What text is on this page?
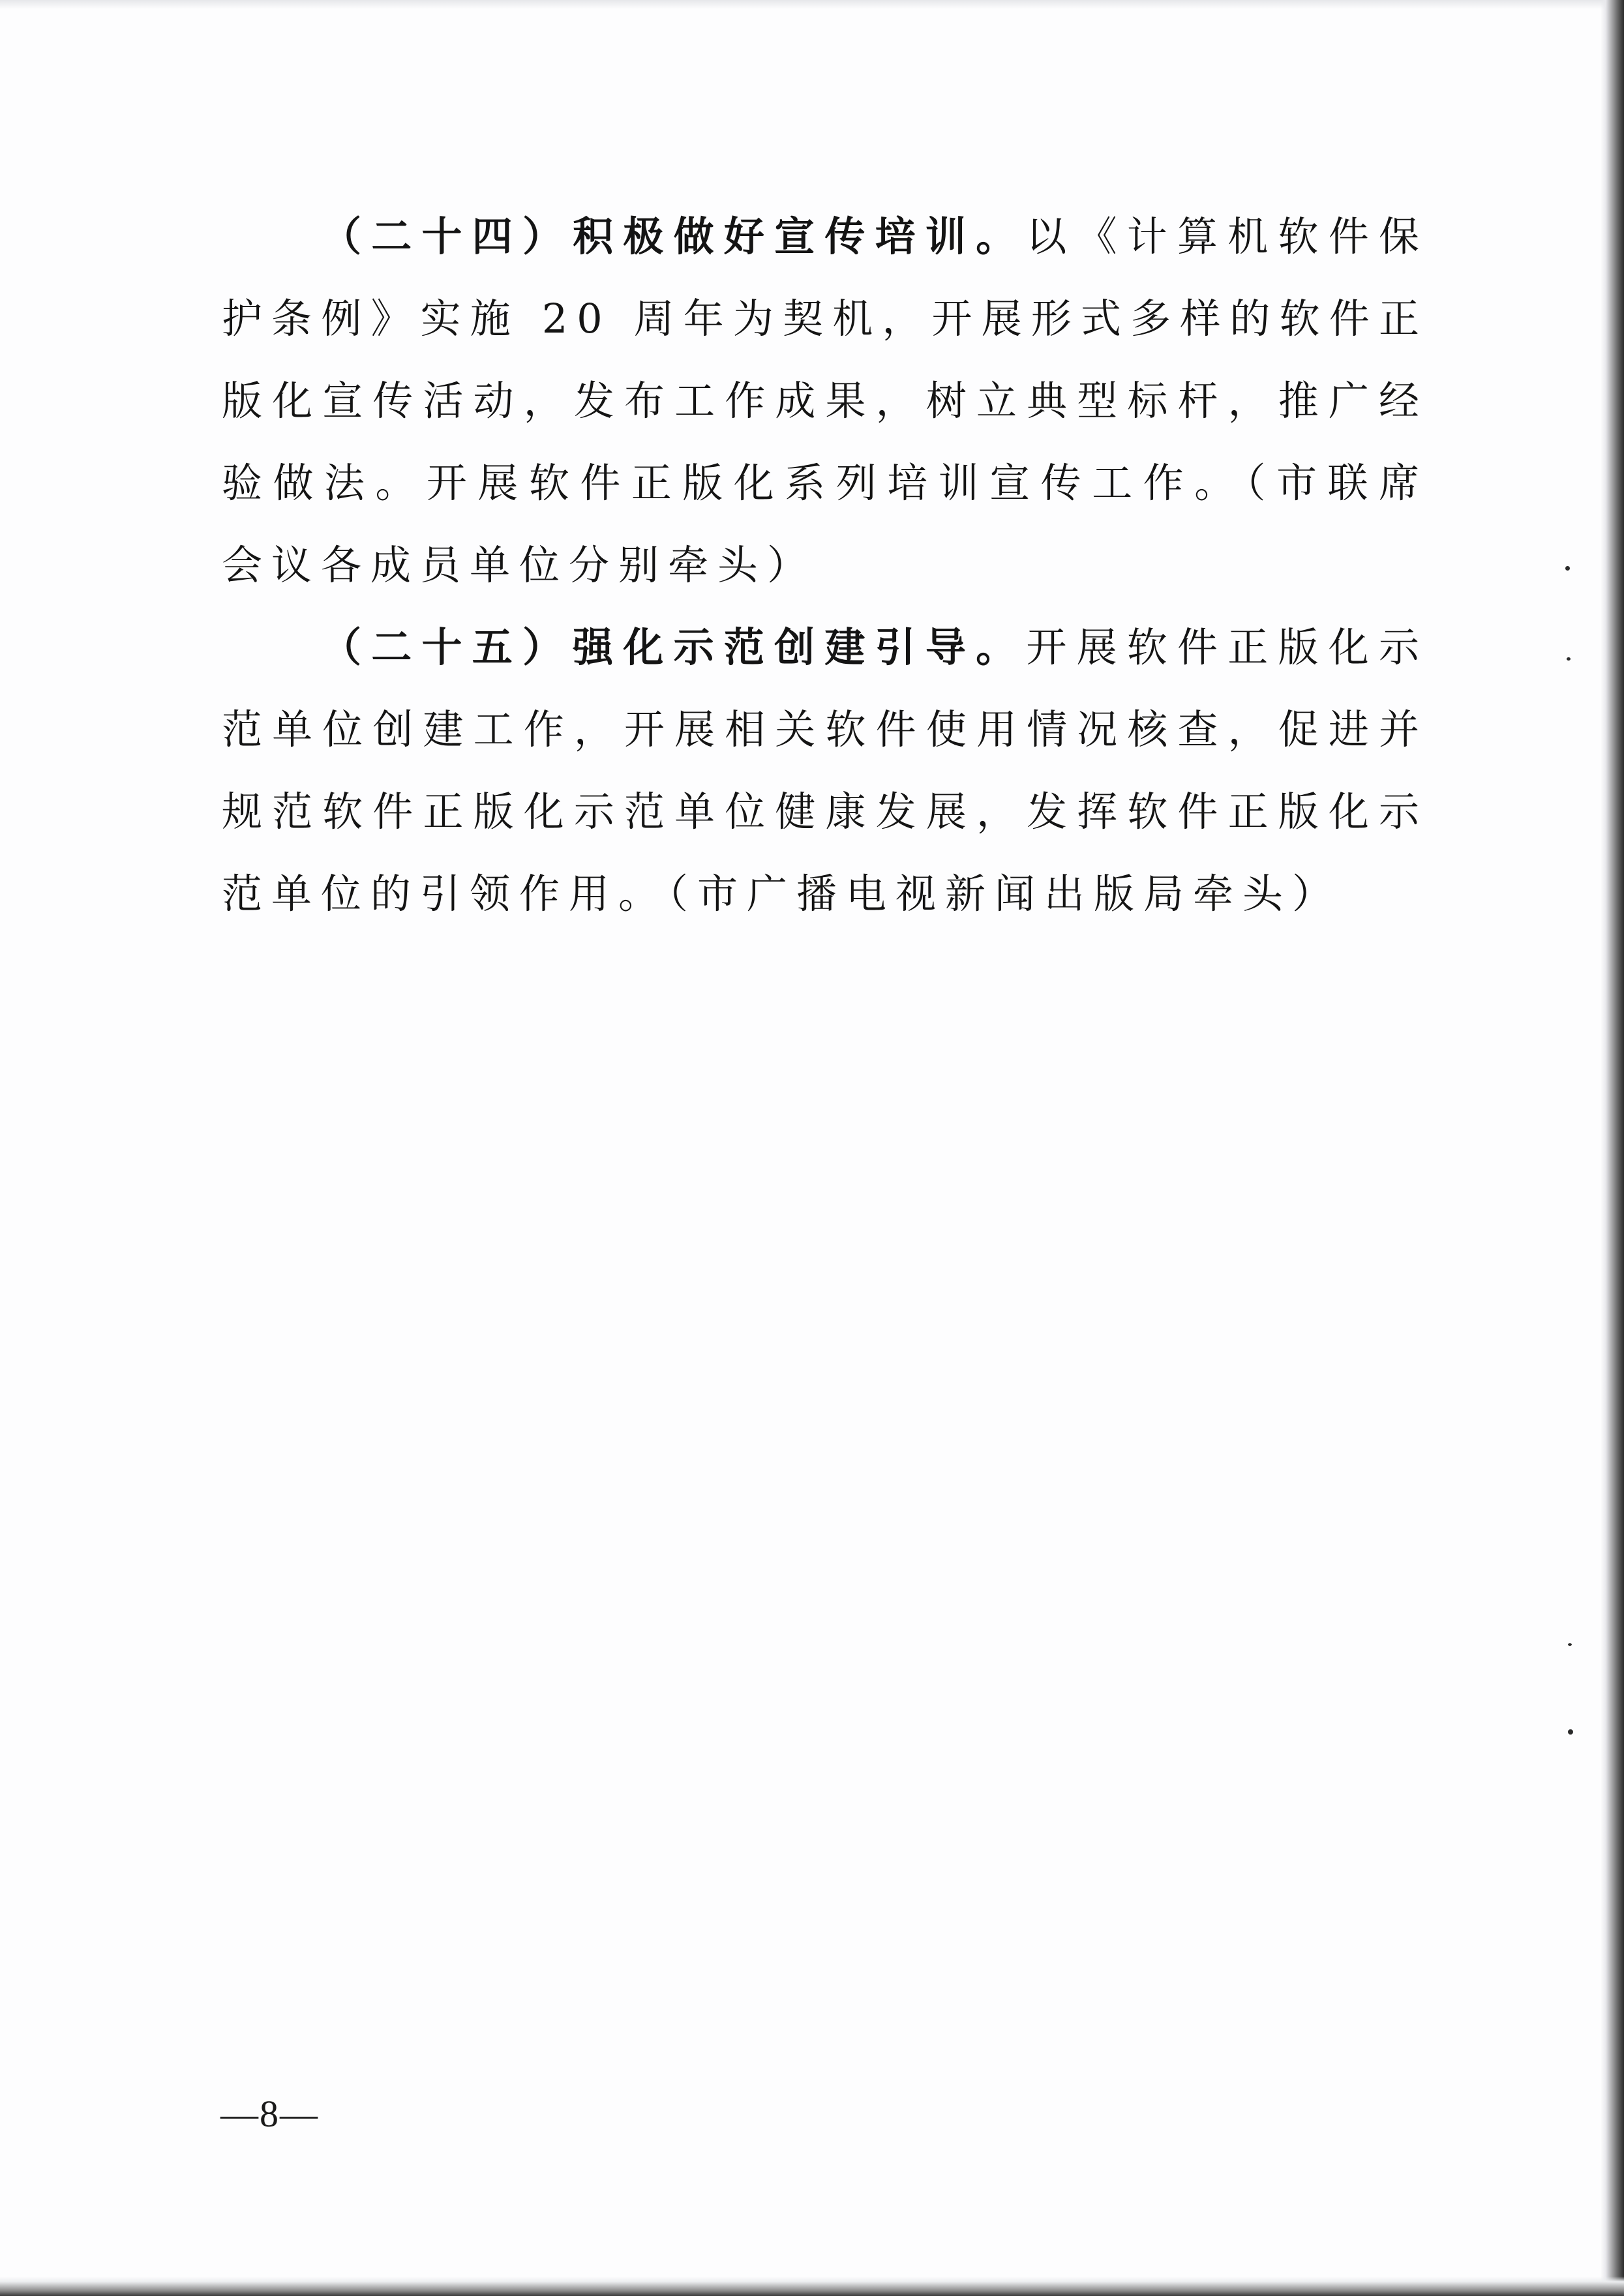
（二十四）积极做好宣传培训。以《计算机软件保护条例》实施 20 周年为契机，开展形式多样的软件正版化宣传活动，发布工作成果，树立典型标杆，推广经验做法。开展软件正版化系列培训宣传工作。（市联席会议各成员单位分别牵头）

（二十五）强化示范创建引导。开展软件正版化示范单位创建工作，开展相关软件使用情况核查，促进并规范软件正版化示范单位健康发展，发挥软件正版化示范单位的引领作用。（市广播电视新闻出版局牵头）

—8—
